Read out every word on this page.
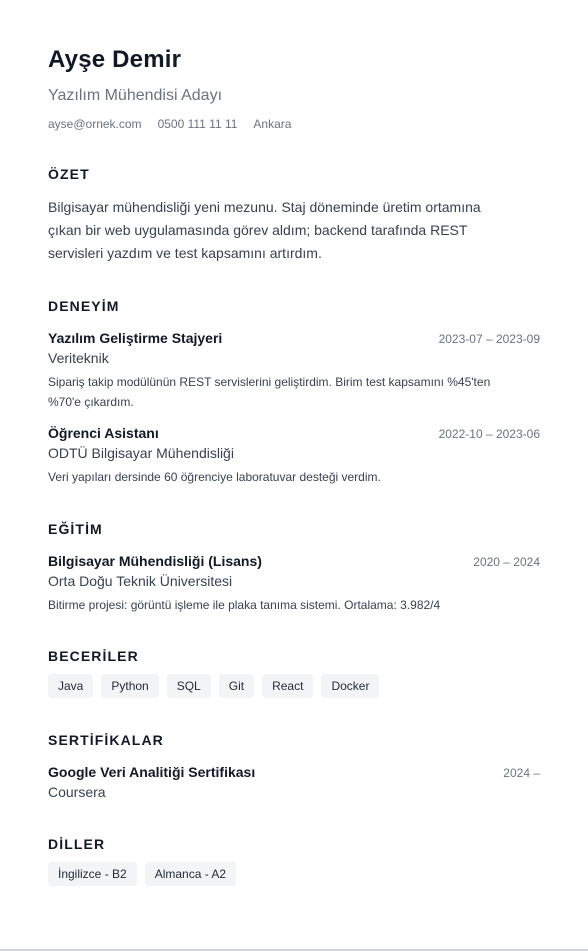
Ayşe Demir
Yazılım Mühendisi Adayı
ayse@ornek.com 0500 111 11 11 Ankara
ÖZET
Bilgisayar mühendisliği yeni mezunu. Staj döneminde üretim ortamına
çıkan bir web uygulamasında görev aldım; backend tarafında REST
servisleri yazdım ve test kapsamını artırdım.
DENEYİM
Yazılım Geliştirme Stajyeri	2023-07 – 2023-09
Veriteknik
Sipariş takip modülünün REST servislerini geliştirdim. Birim test kapsamını %45'ten
%70'e çıkardım.
Öğrenci Asistanı	2022-10 – 2023-06
ODTÜ Bilgisayar Mühendisliği
Veri yapıları dersinde 60 öğrenciye laboratuvar desteği verdim.
EĞİTİM
Bilgisayar Mühendisliği (Lisans)	2020 – 2024
Orta Doğu Teknik Üniversitesi
Bitirme projesi: görüntü işleme ile plaka tanıma sistemi. Ortalama: 3.982/4
BECERİLER
Java	Python	SQL	Git	React	Docker
SERTİFİKALAR
Google Veri Analitiği Sertifikası	2024 –
Coursera
DİLLER
İngilizce - B2	Almanca - A2
